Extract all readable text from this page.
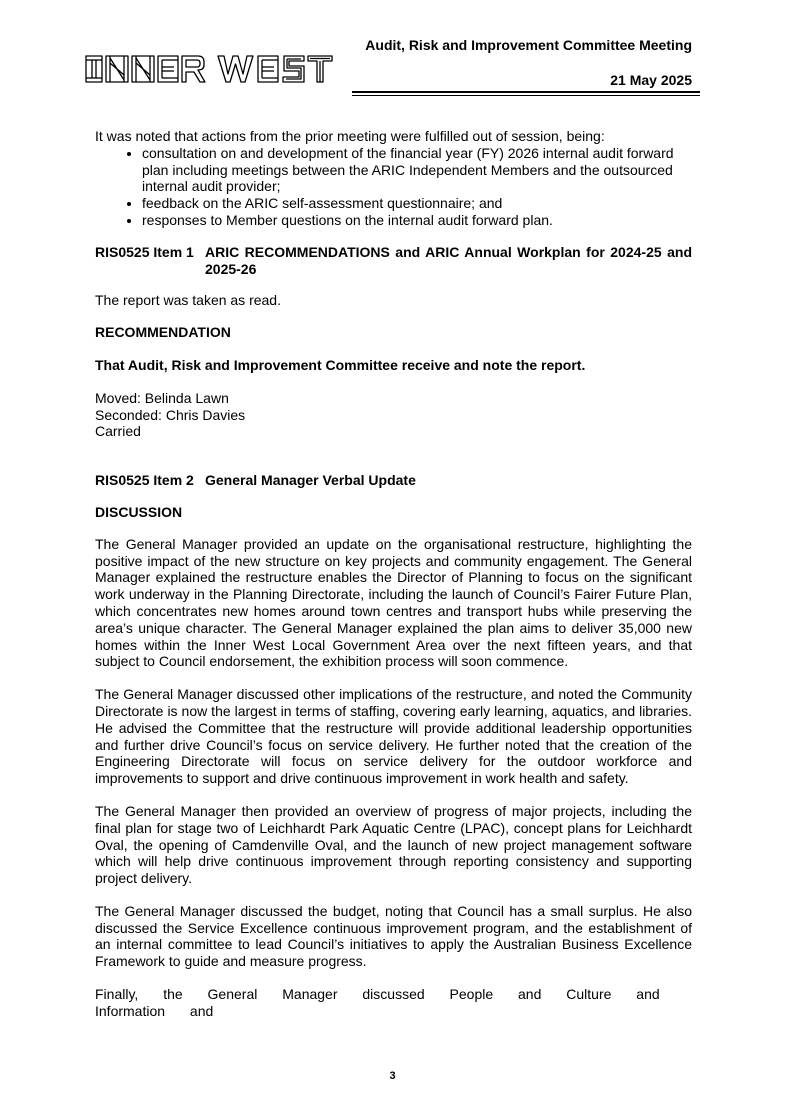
Audit, Risk and Improvement Committee Meeting
21 May 2025

It was noted that actions from the prior meeting were fulfilled out of session, being:

• consultation on and development of the financial year (FY) 2026 internal audit forward plan including meetings between the ARIC Independent Members and the outsourced internal audit provider;
• feedback on the ARIC self-assessment questionnaire; and
• responses to Member questions on the internal audit forward plan.
RIS0525 Item 1 ARIC RECOMMENDATIONS and ARIC Annual Workplan for 2024-25 and 2025-26

The report was taken as read.

RECOMMENDATION

That Audit, Risk and Improvement Committee receive and note the report.

Moved: Belinda Lawn

Seconded: Chris Davies

Carried

RIS0525 Item 2 General Manager Verbal Update

DISCUSSION

The General Manager provided an update on the organisational restructure, highlighting the positive impact of the new structure on key projects and community engagement. The General Manager explained the restructure enables the Director of Planning to focus on the significant work underway in the Planning Directorate, including the launch of Council’s Fairer Future Plan, which concentrates new homes around town centres and transport hubs while preserving the area’s unique character. The General Manager explained the plan aims to deliver 35,000 new homes within the Inner West Local Government Area over the next fifteen years, and that subject to Council endorsement, the exhibition process will soon commence.

The General Manager discussed other implications of the restructure, and noted the Community Directorate is now the largest in terms of staffing, covering early learning, aquatics, and libraries. He advised the Committee that the restructure will provide additional leadership opportunities and further drive Council’s focus on service delivery. He further noted that the creation of the Engineering Directorate will focus on service delivery for the outdoor workforce and improvements to support and drive continuous improvement in work health and safety.

The General Manager then provided an overview of progress of major projects, including the final plan for stage two of Leichhardt Park Aquatic Centre (LPAC), concept plans for Leichhardt Oval, the opening of Camdenville Oval, and the launch of new project management software which will help drive continuous improvement through reporting consistency and supporting project delivery.

The General Manager discussed the budget, noting that Council has a small surplus. He also discussed the Service Excellence continuous improvement program, and the establishment of an internal committee to lead Council’s initiatives to apply the Australian Business Excellence Framework to guide and measure progress.

Finally, the General Manager discussed People and Culture and Information and

3
